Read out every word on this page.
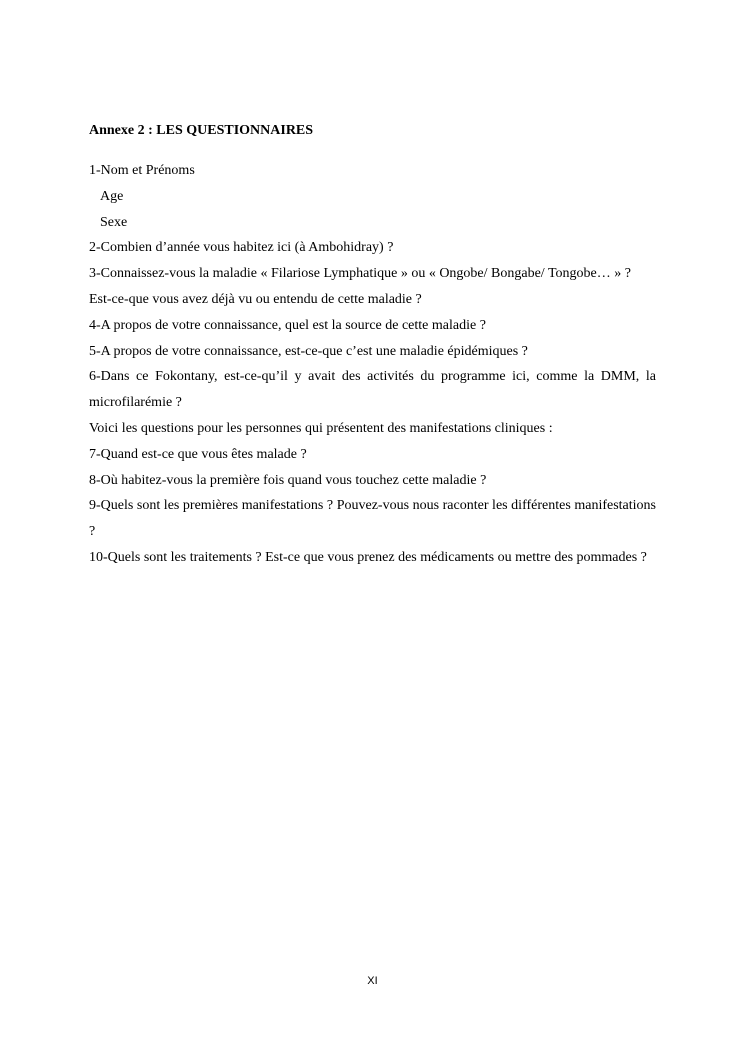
Annexe 2 : LES QUESTIONNAIRES

1-Nom et Prénoms

Age

Sexe

2-Combien d’année vous habitez ici (à Ambohidray) ?

3-Connaissez-vous la maladie « Filariose Lymphatique » ou « Ongobe/ Bongabe/ Tongobe… » ?

Est-ce-que vous avez déjà vu ou entendu de cette maladie ?

4-A propos de votre connaissance, quel est la source de cette maladie ?

5-A propos de votre connaissance, est-ce-que c’est une maladie épidémiques ?

6-Dans ce Fokontany, est-ce-qu’il y avait des activités du programme ici, comme la DMM, la microfilarémie ?

Voici les questions pour les personnes qui présentent des manifestations cliniques :

7-Quand est-ce que vous êtes malade ?

8-Où habitez-vous la première fois quand vous touchez cette maladie ?

9-Quels sont les premières manifestations ? Pouvez-vous nous raconter les différentes manifestations ?

10-Quels sont les traitements ? Est-ce que vous prenez des médicaments ou mettre des pommades ?

XI
